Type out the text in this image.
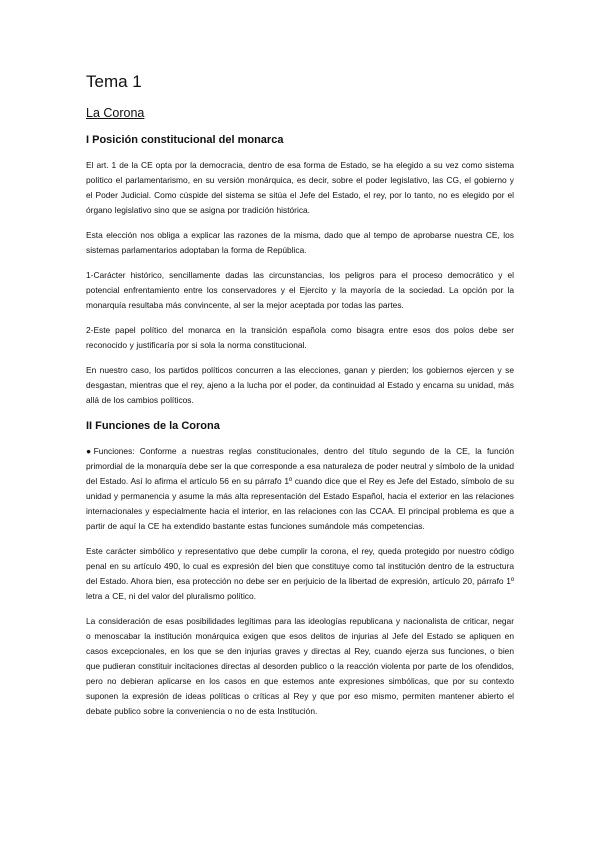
Tema 1
La Corona
I Posición constitucional del monarca

El art. 1 de la CE opta por la democracia, dentro de esa forma de Estado, se ha elegido a su vez como sistema político el parlamentarismo, en su versión monárquica, es decir, sobre el poder legislativo, las CG, el gobierno y el Poder Judicial. Como cúspide del sistema se sitúa el Jefe del Estado, el rey, por lo tanto, no es elegido por el órgano legislativo sino que se asigna por tradición histórica.

Esta elección nos obliga a explicar las razones de la misma, dado que al tempo de aprobarse nuestra CE, los sistemas parlamentarios adoptaban la forma de República.

1-Carácter histórico, sencillamente dadas las circunstancias, los peligros para el proceso democrático y el potencial enfrentamiento entre los conservadores y el Ejercito y la mayoría de la sociedad. La opción por la monarquía resultaba más convincente, al ser la mejor aceptada por todas las partes.

2-Este papel político del monarca en la transición española como bisagra entre esos dos polos debe ser reconocido y justificaría por si sola la norma constitucional.

En nuestro caso, los partidos políticos concurren a las elecciones, ganan y pierden; los gobiernos ejercen y se desgastan, mientras que el rey, ajeno a la lucha por el poder, da continuidad al Estado y encarna su unidad, más allá de los cambios políticos.

II Funciones de la Corona

●Funciones: Conforme a nuestras reglas constitucionales, dentro del título segundo de la CE, la función primordial de la monarquía debe ser la que corresponde a esa naturaleza de poder neutral y símbolo de la unidad del Estado. Así lo afirma el artículo 56 en su párrafo 1º cuando dice que el Rey es Jefe del Estado, símbolo de su unidad y permanencia y asume la más alta representación del Estado Español, hacia el exterior en las relaciones internacionales y especialmente hacia el interior, en las relaciones con las CCAA. El principal problema es que a partir de aquí la CE ha extendido bastante estas funciones sumándole más competencias.

Este carácter simbólico y representativo que debe cumplir la corona, el rey, queda protegido por nuestro código penal en su artículo 490, lo cual es expresión del bien que constituye como tal institución dentro de la estructura del Estado. Ahora bien, esa protección no debe ser en perjuicio de la libertad de expresión, artículo 20, párrafo 1º letra a CE, ni del valor del pluralismo político.

La consideración de esas posibilidades legítimas para las ideologías republicana y nacionalista de criticar, negar o menoscabar la institución monárquica exigen que esos delitos de injurias al Jefe del Estado se apliquen en casos excepcionales, en los que se den injurias graves y directas al Rey, cuando ejerza sus funciones, o bien que pudieran constituir incitaciones directas al desorden publico o la reacción violenta por parte de los ofendidos, pero no debieran aplicarse en los casos en que estemos ante expresiones simbólicas, que por su contexto suponen la expresión de ideas políticas o críticas al Rey y que por eso mismo, permiten mantener abierto el debate publico sobre la conveniencia o no de esta Institución.
